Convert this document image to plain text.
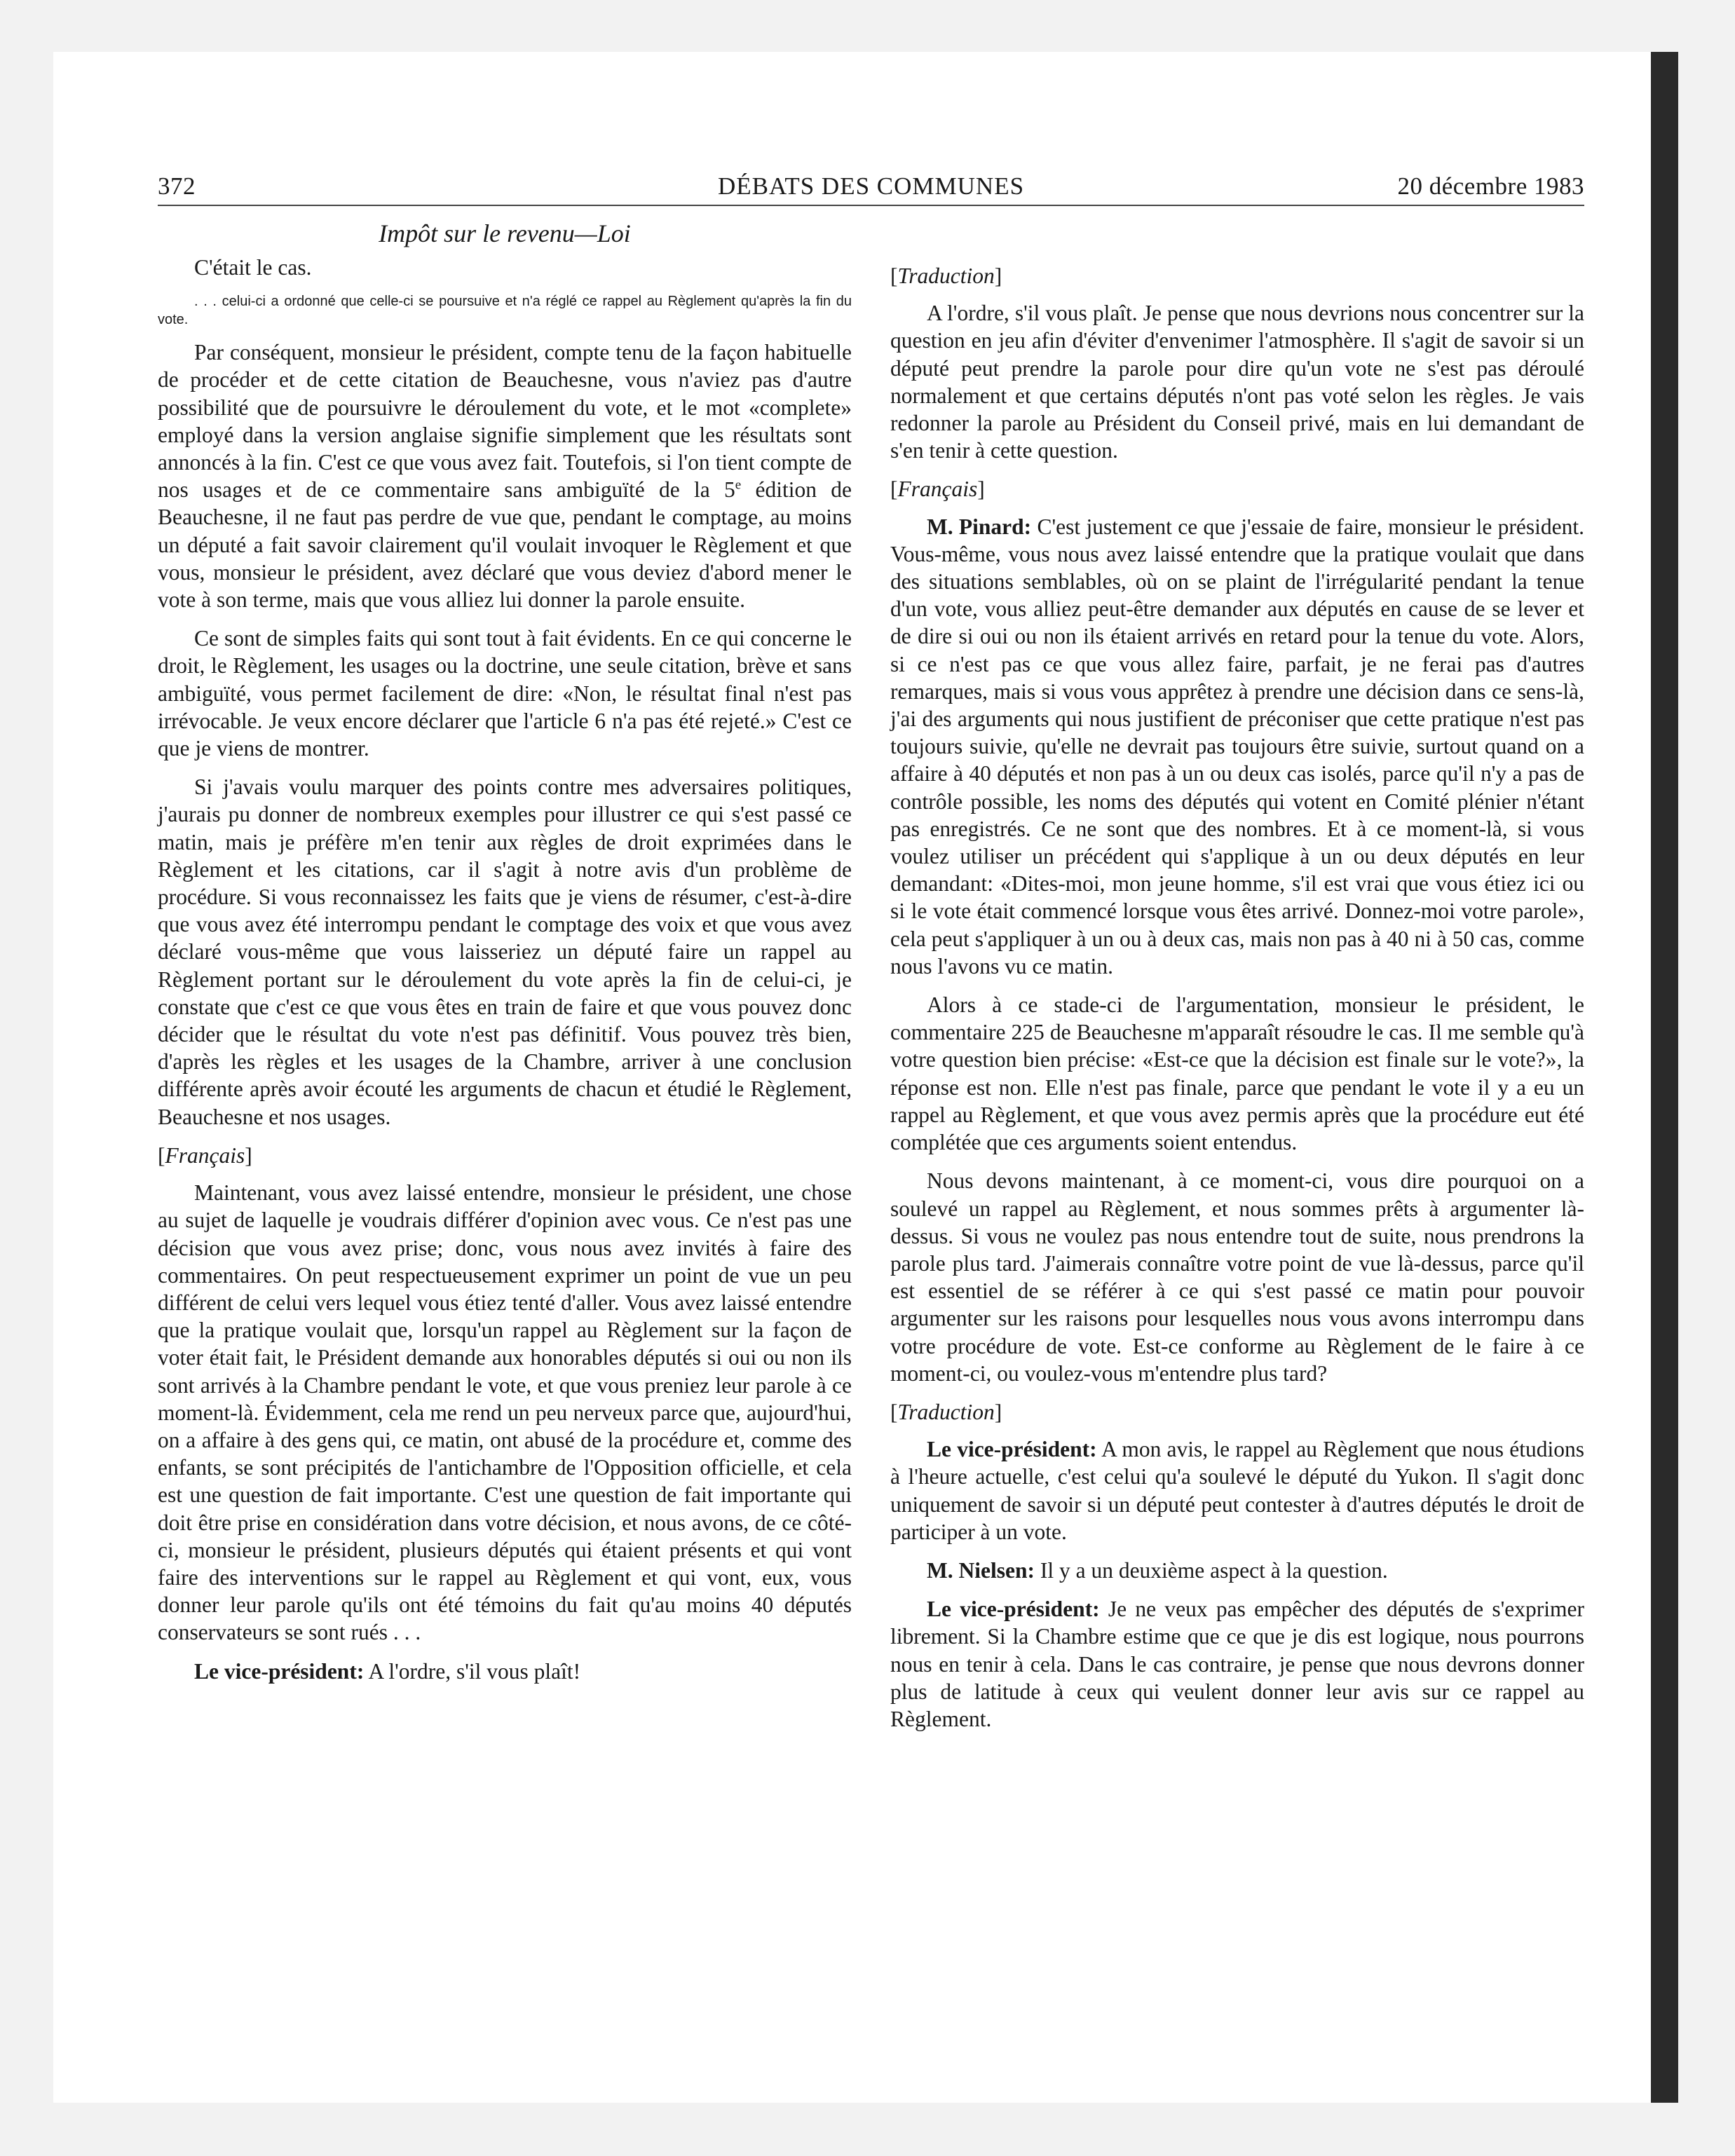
372	DÉBATS DES COMMUNES	20 décembre 1983
Impôt sur le revenu—Loi

C'était le cas.

. . . celui-ci a ordonné que celle-ci se poursuive et n'a réglé ce rappel au Règlement qu'après la fin du vote.

Par conséquent, monsieur le président, compte tenu de la façon habituelle de procéder et de cette citation de Beauchesne, vous n'aviez pas d'autre possibilité que de poursuivre le déroulement du vote, et le mot «complete» employé dans la version anglaise signifie simplement que les résultats sont annoncés à la fin. C'est ce que vous avez fait. Toutefois, si l'on tient compte de nos usages et de ce commentaire sans ambiguïté de la 5e édition de Beauchesne, il ne faut pas perdre de vue que, pendant le comptage, au moins un député a fait savoir clairement qu'il voulait invoquer le Règlement et que vous, monsieur le président, avez déclaré que vous deviez d'abord mener le vote à son terme, mais que vous alliez lui donner la parole ensuite.

Ce sont de simples faits qui sont tout à fait évidents. En ce qui concerne le droit, le Règlement, les usages ou la doctrine, une seule citation, brève et sans ambiguïté, vous permet facilement de dire: «Non, le résultat final n'est pas irrévocable. Je veux encore déclarer que l'article 6 n'a pas été rejeté.» C'est ce que je viens de montrer.

Si j'avais voulu marquer des points contre mes adversaires politiques, j'aurais pu donner de nombreux exemples pour illustrer ce qui s'est passé ce matin, mais je préfère m'en tenir aux règles de droit exprimées dans le Règlement et les citations, car il s'agit à notre avis d'un problème de procédure. Si vous reconnaissez les faits que je viens de résumer, c'est-à-dire que vous avez été interrompu pendant le comptage des voix et que vous avez déclaré vous-même que vous laisseriez un député faire un rappel au Règlement portant sur le déroulement du vote après la fin de celui-ci, je constate que c'est ce que vous êtes en train de faire et que vous pouvez donc décider que le résultat du vote n'est pas définitif. Vous pouvez très bien, d'après les règles et les usages de la Chambre, arriver à une conclusion différente après avoir écouté les arguments de chacun et étudié le Règlement, Beauchesne et nos usages.

[Français]

Maintenant, vous avez laissé entendre, monsieur le président, une chose au sujet de laquelle je voudrais différer d'opinion avec vous. Ce n'est pas une décision que vous avez prise; donc, vous nous avez invités à faire des commentaires. On peut respectueusement exprimer un point de vue un peu différent de celui vers lequel vous étiez tenté d'aller. Vous avez laissé entendre que la pratique voulait que, lorsqu'un rappel au Règlement sur la façon de voter était fait, le Président demande aux honorables députés si oui ou non ils sont arrivés à la Chambre pendant le vote, et que vous preniez leur parole à ce moment-là. Évidemment, cela me rend un peu nerveux parce que, aujourd'hui, on a affaire à des gens qui, ce matin, ont abusé de la procédure et, comme des enfants, se sont précipités de l'antichambre de l'Opposition officielle, et cela est une question de fait importante. C'est une question de fait importante qui doit être prise en considération dans votre décision, et nous avons, de ce côté-ci, monsieur le président, plusieurs députés qui étaient présents et qui vont faire des interventions sur le rappel au Règlement et qui vont, eux, vous donner leur parole qu'ils ont été témoins du fait qu'au moins 40 députés conservateurs se sont rués . . .

Le vice-président: A l'ordre, s'il vous plaît!

[Traduction]

A l'ordre, s'il vous plaît. Je pense que nous devrions nous concentrer sur la question en jeu afin d'éviter d'envenimer l'atmosphère. Il s'agit de savoir si un député peut prendre la parole pour dire qu'un vote ne s'est pas déroulé normalement et que certains députés n'ont pas voté selon les règles. Je vais redonner la parole au Président du Conseil privé, mais en lui demandant de s'en tenir à cette question.

[Français]

M. Pinard: C'est justement ce que j'essaie de faire, monsieur le président. Vous-même, vous nous avez laissé entendre que la pratique voulait que dans des situations semblables, où on se plaint de l'irrégularité pendant la tenue d'un vote, vous alliez peut-être demander aux députés en cause de se lever et de dire si oui ou non ils étaient arrivés en retard pour la tenue du vote. Alors, si ce n'est pas ce que vous allez faire, parfait, je ne ferai pas d'autres remarques, mais si vous vous apprêtez à prendre une décision dans ce sens-là, j'ai des arguments qui nous justifient de préconiser que cette pratique n'est pas toujours suivie, qu'elle ne devrait pas toujours être suivie, surtout quand on a affaire à 40 députés et non pas à un ou deux cas isolés, parce qu'il n'y a pas de contrôle possible, les noms des députés qui votent en Comité plénier n'étant pas enregistrés. Ce ne sont que des nombres. Et à ce moment-là, si vous voulez utiliser un précédent qui s'applique à un ou deux députés en leur demandant: «Dites-moi, mon jeune homme, s'il est vrai que vous étiez ici ou si le vote était commencé lorsque vous êtes arrivé. Donnez-moi votre parole», cela peut s'appliquer à un ou à deux cas, mais non pas à 40 ni à 50 cas, comme nous l'avons vu ce matin.

Alors à ce stade-ci de l'argumentation, monsieur le président, le commentaire 225 de Beauchesne m'apparaît résoudre le cas. Il me semble qu'à votre question bien précise: «Est-ce que la décision est finale sur le vote?», la réponse est non. Elle n'est pas finale, parce que pendant le vote il y a eu un rappel au Règlement, et que vous avez permis après que la procédure eut été complétée que ces arguments soient entendus.

Nous devons maintenant, à ce moment-ci, vous dire pourquoi on a soulevé un rappel au Règlement, et nous sommes prêts à argumenter là-dessus. Si vous ne voulez pas nous entendre tout de suite, nous prendrons la parole plus tard. J'aimerais connaître votre point de vue là-dessus, parce qu'il est essentiel de se référer à ce qui s'est passé ce matin pour pouvoir argumenter sur les raisons pour lesquelles nous vous avons interrompu dans votre procédure de vote. Est-ce conforme au Règlement de le faire à ce moment-ci, ou voulez-vous m'entendre plus tard?

[Traduction]

Le vice-président: A mon avis, le rappel au Règlement que nous étudions à l'heure actuelle, c'est celui qu'a soulevé le député du Yukon. Il s'agit donc uniquement de savoir si un député peut contester à d'autres députés le droit de participer à un vote.

M. Nielsen: Il y a un deuxième aspect à la question.

Le vice-président: Je ne veux pas empêcher des députés de s'exprimer librement. Si la Chambre estime que ce que je dis est logique, nous pourrons nous en tenir à cela. Dans le cas contraire, je pense que nous devrons donner plus de latitude à ceux qui veulent donner leur avis sur ce rappel au Règlement.
